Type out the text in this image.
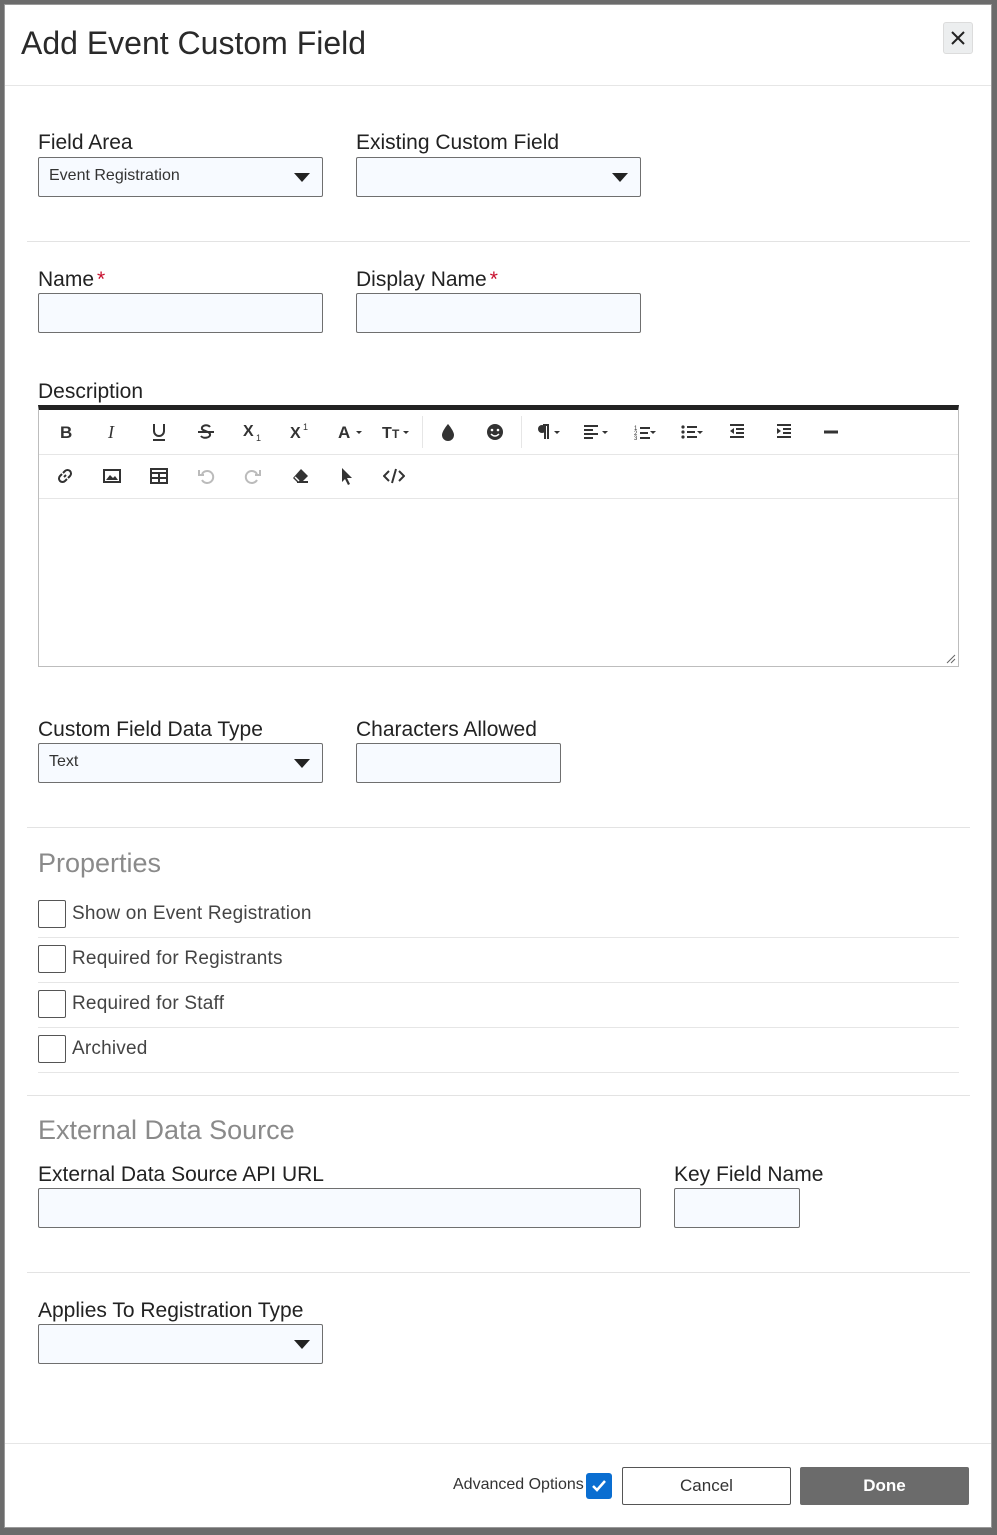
Add Event Custom Field
Field Area
Event Registration
Existing Custom Field
Name *	Display Name *
Description
B I	X 1 X 1 A T T	1
2
3
Custom Field Data Type
Text
Characters Allowed
Properties
Show on Event Registration
Required for Registrants
Required for Staff
Archived
External Data Source
External Data Source API URL	Key Field Name
Applies To Registration Type
Advanced Options	Cancel	Done
